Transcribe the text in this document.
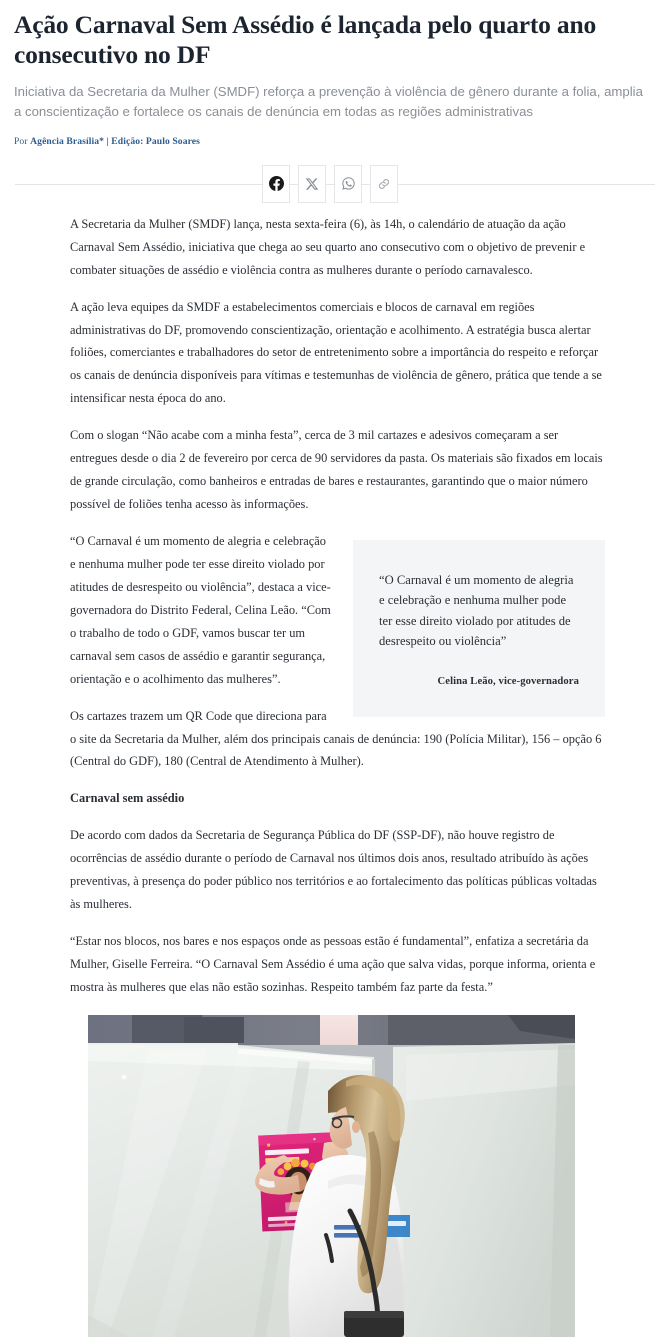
Ação Carnaval Sem Assédio é lançada pelo quarto ano consecutivo no DF

Iniciativa da Secretaria da Mulher (SMDF) reforça a prevenção à violência de gênero durante a folia, amplia a conscientização e fortalece os canais de denúncia em todas as regiões administrativas

Por Agência Brasília* | Edição: Paulo Soares

A Secretaria da Mulher (SMDF) lança, nesta sexta-feira (6), às 14h, o calendário de atuação da ação Carnaval Sem Assédio, iniciativa que chega ao seu quarto ano consecutivo com o objetivo de prevenir e combater situações de assédio e violência contra as mulheres durante o período carnavalesco.

A ação leva equipes da SMDF a estabelecimentos comerciais e blocos de carnaval em regiões administrativas do DF, promovendo conscientização, orientação e acolhimento. A estratégia busca alertar foliões, comerciantes e trabalhadores do setor de entretenimento sobre a importância do respeito e reforçar os canais de denúncia disponíveis para vítimas e testemunhas de violência de gênero, prática que tende a se intensificar nesta época do ano.

Com o slogan “Não acabe com a minha festa”, cerca de 3 mil cartazes e adesivos começaram a ser entregues desde o dia 2 de fevereiro por cerca de 90 servidores da pasta. Os materiais são fixados em locais de grande circulação, como banheiros e entradas de bares e restaurantes, garantindo que o maior número possível de foliões tenha acesso às informações.

“O Carnaval é um momento de alegria e celebração e nenhuma mulher pode ter esse direito violado por atitudes de desrespeito ou violência”

Celina Leão, vice-governadora

“O Carnaval é um momento de alegria e celebração e nenhuma mulher pode ter esse direito violado por atitudes de desrespeito ou violência”, destaca a vice-governadora do Distrito Federal, Celina Leão. “Com o trabalho de todo o GDF, vamos buscar ter um carnaval sem casos de assédio e garantir segurança, orientação e o acolhimento das mulheres”.

Os cartazes trazem um QR Code que direciona para o site da Secretaria da Mulher, além dos principais canais de denúncia: 190 (Polícia Militar), 156 – opção 6 (Central do GDF), 180 (Central de Atendimento à Mulher).

Carnaval sem assédio

De acordo com dados da Secretaria de Segurança Pública do DF (SSP-DF), não houve registro de ocorrências de assédio durante o período de Carnaval nos últimos dois anos, resultado atribuído às ações preventivas, à presença do poder público nos territórios e ao fortalecimento das políticas públicas voltadas às mulheres.

“Estar nos blocos, nos bares e nos espaços onde as pessoas estão é fundamental”, enfatiza a secretária da Mulher, Giselle Ferreira. “O Carnaval Sem Assédio é uma ação que salva vidas, porque informa, orienta e mostra às mulheres que elas não estão sozinhas. Respeito também faz parte da festa.”
